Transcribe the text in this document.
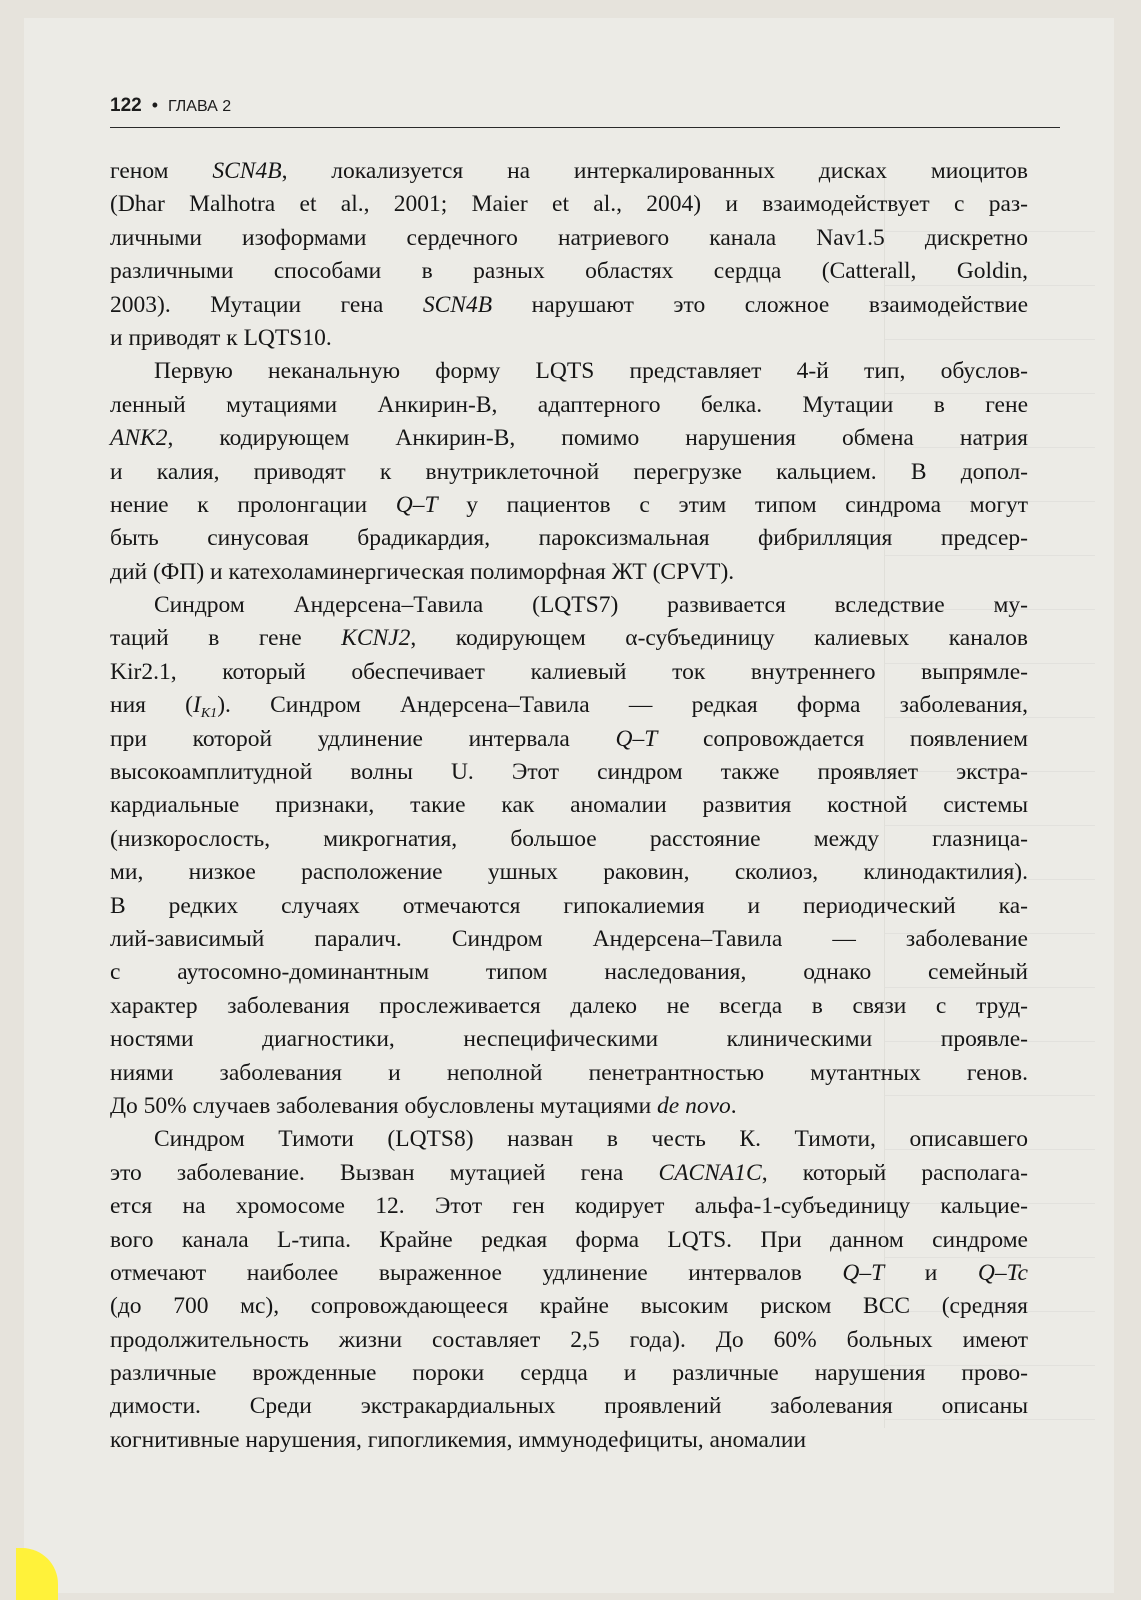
122 • ГЛАВА 2
геном SCN4B, локализуется на интеркалированных дисках миоцитов
(Dhar Malhotra et al., 2001; Maier et al., 2004) и взаимодействует с раз-
личными изоформами сердечного натриевого канала Nav1.5 дискретно
различными способами в разных областях сердца (Catterall, Goldin,
2003). Мутации гена SCN4B нарушают это сложное взаимодействие
и приводят к LQTS10.
Первую неканальную форму LQTS представляет 4-й тип, обуслов-
ленный мутациями Анкирин-В, адаптерного белка. Мутации в гене
ANK2, кодирующем Анкирин-В, помимо нарушения обмена натрия
и калия, приводят к внутриклеточной перегрузке кальцием. В допол-
нение к пролонгации Q–T у пациентов с этим типом синдрома могут
быть синусовая брадикардия, пароксизмальная фибрилляция предсер-
дий (ФП) и катехоламинергическая полиморфная ЖТ (CPVT).
Синдром Андерсена–Тавила (LQTS7) развивается вследствие му-
таций в гене KCNJ2, кодирующем α-субъединицу калиевых каналов
Kir2.1, который обеспечивает калиевый ток внутреннего выпрямле-
ния $(I_{K1})$. Синдром Андерсена–Тавила — редкая форма заболевания,
при которой удлинение интервала Q–T сопровождается появлением
высокоамплитудной волны U. Этот синдром также проявляет экстра-
кардиальные признаки, такие как аномалии развития костной системы
(низкорослость, микрогнатия, большое расстояние между глазница-
ми, низкое расположение ушных раковин, сколиоз, клинодактилия).
В редких случаях отмечаются гипокалиемия и периодический ка-
лий-зависимый паралич. Синдром Андерсена–Тавила — заболевание
с аутосомно-доминантным типом наследования, однако семейный
характер заболевания прослеживается далеко не всегда в связи с труд-
ностями диагностики, неспецифическими клиническими проявле-
ниями заболевания и неполной пенетрантностью мутантных генов.
До 50% случаев заболевания обусловлены мутациями de novo.
Синдром Тимоти (LQTS8) назван в честь К. Тимоти, описавшего
это заболевание. Вызван мутацией гена CACNA1C, который располага-
ется на хромосоме 12. Этот ген кодирует альфа-1-субъединицу кальцие-
вого канала L-типа. Крайне редкая форма LQTS. При данном синдроме
отмечают наиболее выраженное удлинение интервалов Q–T и Q–Tc
(до 700 мс), сопровождающееся крайне высоким риском ВСС (средняя
продолжительность жизни составляет 2,5 года). До 60% больных имеют
различные врожденные пороки сердца и различные нарушения прово-
димости. Среди экстракардиальных проявлений заболевания описаны
когнитивные нарушения, гипогликемия, иммунодефициты, аномалии
